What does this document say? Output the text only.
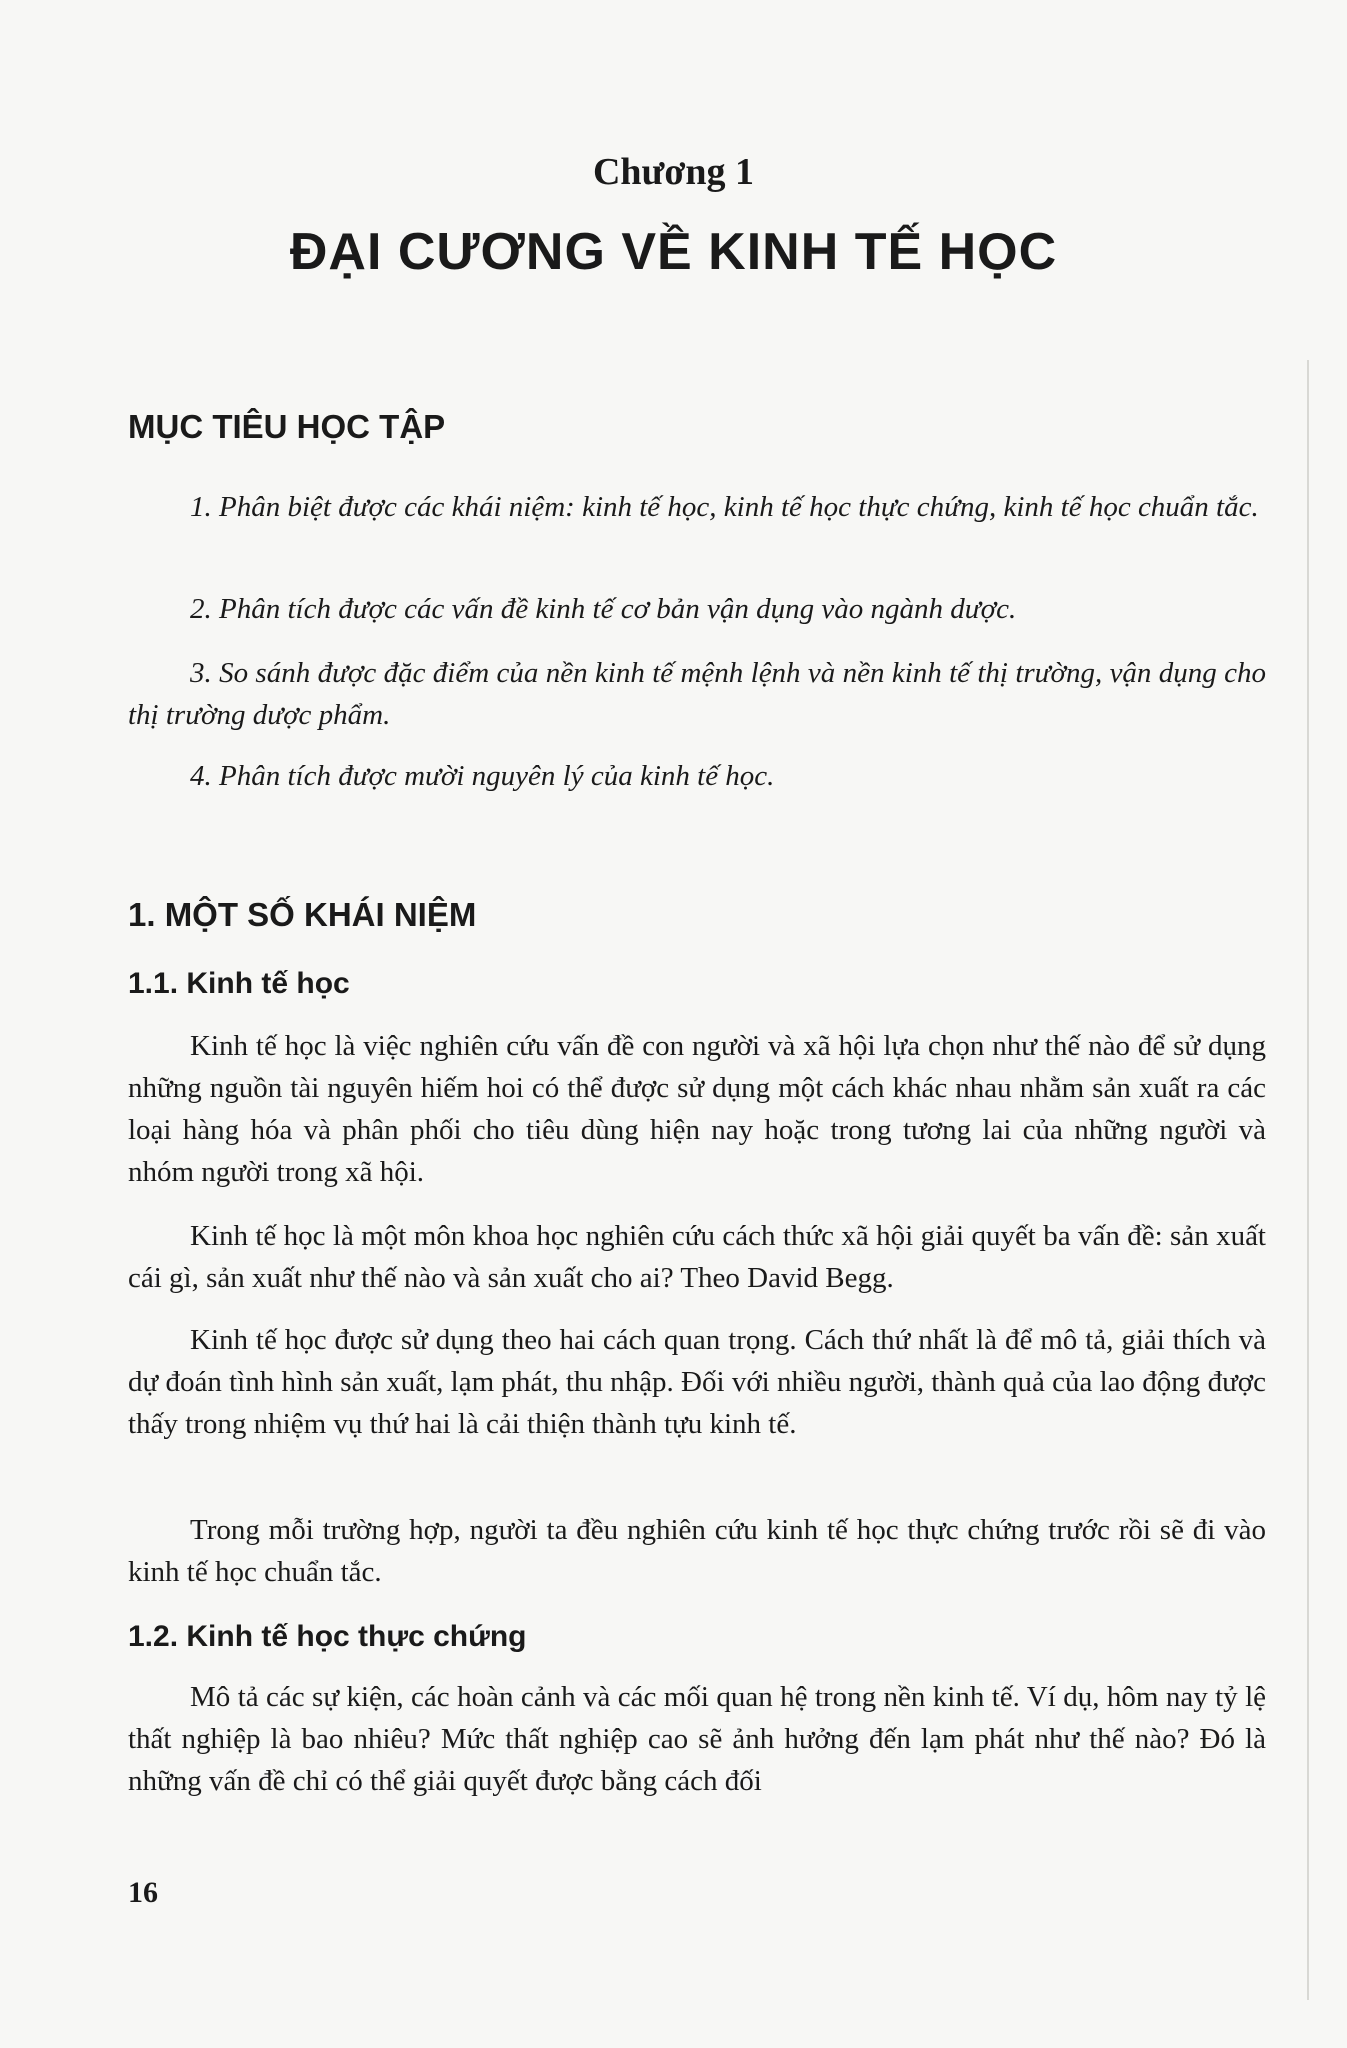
Chương 1
ĐẠI CƯƠNG VỀ KINH TẾ HỌC
MỤC TIÊU HỌC TẬP
1. Phân biệt được các khái niệm: kinh tế học, kinh tế học thực chứng, kinh tế học chuẩn tắc.
2. Phân tích được các vấn đề kinh tế cơ bản vận dụng vào ngành dược.
3. So sánh được đặc điểm của nền kinh tế mệnh lệnh và nền kinh tế thị trường, vận dụng cho thị trường dược phẩm.
4. Phân tích được mười nguyên lý của kinh tế học.
1. MỘT SỐ KHÁI NIỆM
1.1. Kinh tế học
Kinh tế học là việc nghiên cứu vấn đề con người và xã hội lựa chọn như thế nào để sử dụng những nguồn tài nguyên hiếm hoi có thể được sử dụng một cách khác nhau nhằm sản xuất ra các loại hàng hóa và phân phối cho tiêu dùng hiện nay hoặc trong tương lai của những người và nhóm người trong xã hội.
Kinh tế học là một môn khoa học nghiên cứu cách thức xã hội giải quyết ba vấn đề: sản xuất cái gì, sản xuất như thế nào và sản xuất cho ai? Theo David Begg.
Kinh tế học được sử dụng theo hai cách quan trọng. Cách thứ nhất là để mô tả, giải thích và dự đoán tình hình sản xuất, lạm phát, thu nhập. Đối với nhiều người, thành quả của lao động được thấy trong nhiệm vụ thứ hai là cải thiện thành tựu kinh tế.
Trong mỗi trường hợp, người ta đều nghiên cứu kinh tế học thực chứng trước rồi sẽ đi vào kinh tế học chuẩn tắc.
1.2. Kinh tế học thực chứng
Mô tả các sự kiện, các hoàn cảnh và các mối quan hệ trong nền kinh tế. Ví dụ, hôm nay tỷ lệ thất nghiệp là bao nhiêu? Mức thất nghiệp cao sẽ ảnh hưởng đến lạm phát như thế nào? Đó là những vấn đề chỉ có thể giải quyết được bằng cách đối
16
